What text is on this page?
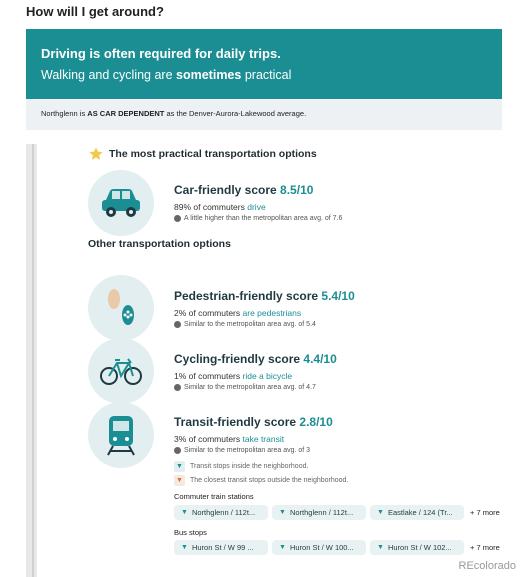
How will I get around?
Driving is often required for daily trips.
Walking and cycling are sometimes practical
Northglenn is AS CAR DEPENDENT as the Denver-Aurora-Lakewood average.
The most practical transportation options
Car-friendly score 8.5/10
89% of commuters drive
A little higher than the metropolitan area avg. of 7.6
Other transportation options
Pedestrian-friendly score 5.4/10
2% of commuters are pedestrians
Similar to the metropolitan area avg. of 5.4
Cycling-friendly score 4.4/10
1% of commuters ride a bicycle
Similar to the metropolitan area avg. of 4.7
Transit-friendly score 2.8/10
3% of commuters take transit
Similar to the metropolitan area avg. of 3
▼ Transit stops inside the neighborhood.
▼ The closest transit stops outside the neighborhood.
Commuter train stations
▼ Northglenn / 112t...	▼ Northglenn / 112t...	▼ Eastlake / 124 (Tr... + 7 more
Bus stops
▼ Huron St / W 99 ...	▼ Huron St / W 100...	▼ Huron St / W 102... + 7 more
REcolorado
